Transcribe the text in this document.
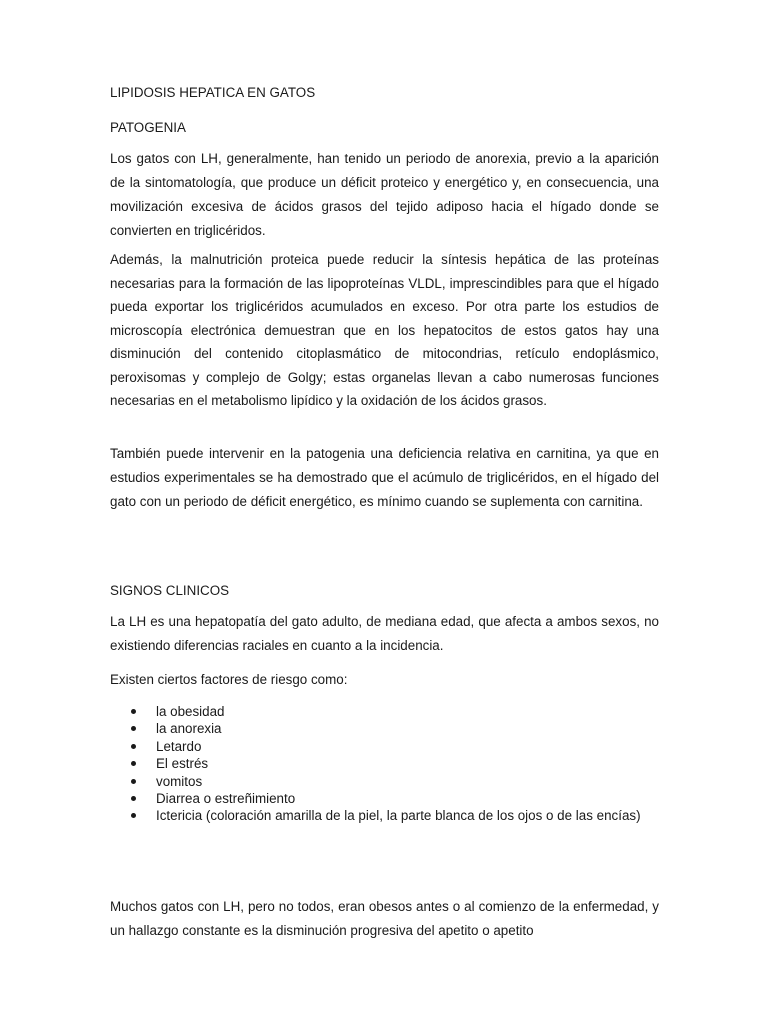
LIPIDOSIS HEPATICA EN GATOS
PATOGENIA

Los gatos con LH, generalmente, han tenido un periodo de anorexia, previo a la aparición de la sintomatología, que produce un déficit proteico y energético y, en consecuencia, una movilización excesiva de ácidos grasos del tejido adiposo hacia el hígado donde se convierten en triglicéridos.

Además, la malnutrición proteica puede reducir la síntesis hepática de las proteínas necesarias para la formación de las lipoproteínas VLDL, imprescindibles para que el hígado pueda exportar los triglicéridos acumulados en exceso. Por otra parte los estudios de microscopía electrónica demuestran que en los hepatocitos de estos gatos hay una disminución del contenido citoplasmático de mitocondrias, retículo endoplásmico, peroxisomas y complejo de Golgy; estas organelas llevan a cabo numerosas funciones necesarias en el metabolismo lipídico y la oxidación de los ácidos grasos.

También puede intervenir en la patogenia una deficiencia relativa en carnitina, ya que en estudios experimentales se ha demostrado que el acúmulo de triglicéridos, en el hígado del gato con un periodo de déficit energético, es mínimo cuando se suplementa con carnitina.

SIGNOS CLINICOS

La LH es una hepatopatía del gato adulto, de mediana edad, que afecta a ambos sexos, no existiendo diferencias raciales en cuanto a la incidencia.

Existen ciertos factores de riesgo como:

la obesidad
la anorexia
Letardo
El estrés
vomitos
Diarrea o estreñimiento
Ictericia (coloración amarilla de la piel, la parte blanca de los ojos o de las encías)

Muchos gatos con LH, pero no todos, eran obesos antes o al comienzo de la enfermedad, y un hallazgo constante es la disminución progresiva del apetito o apetito
